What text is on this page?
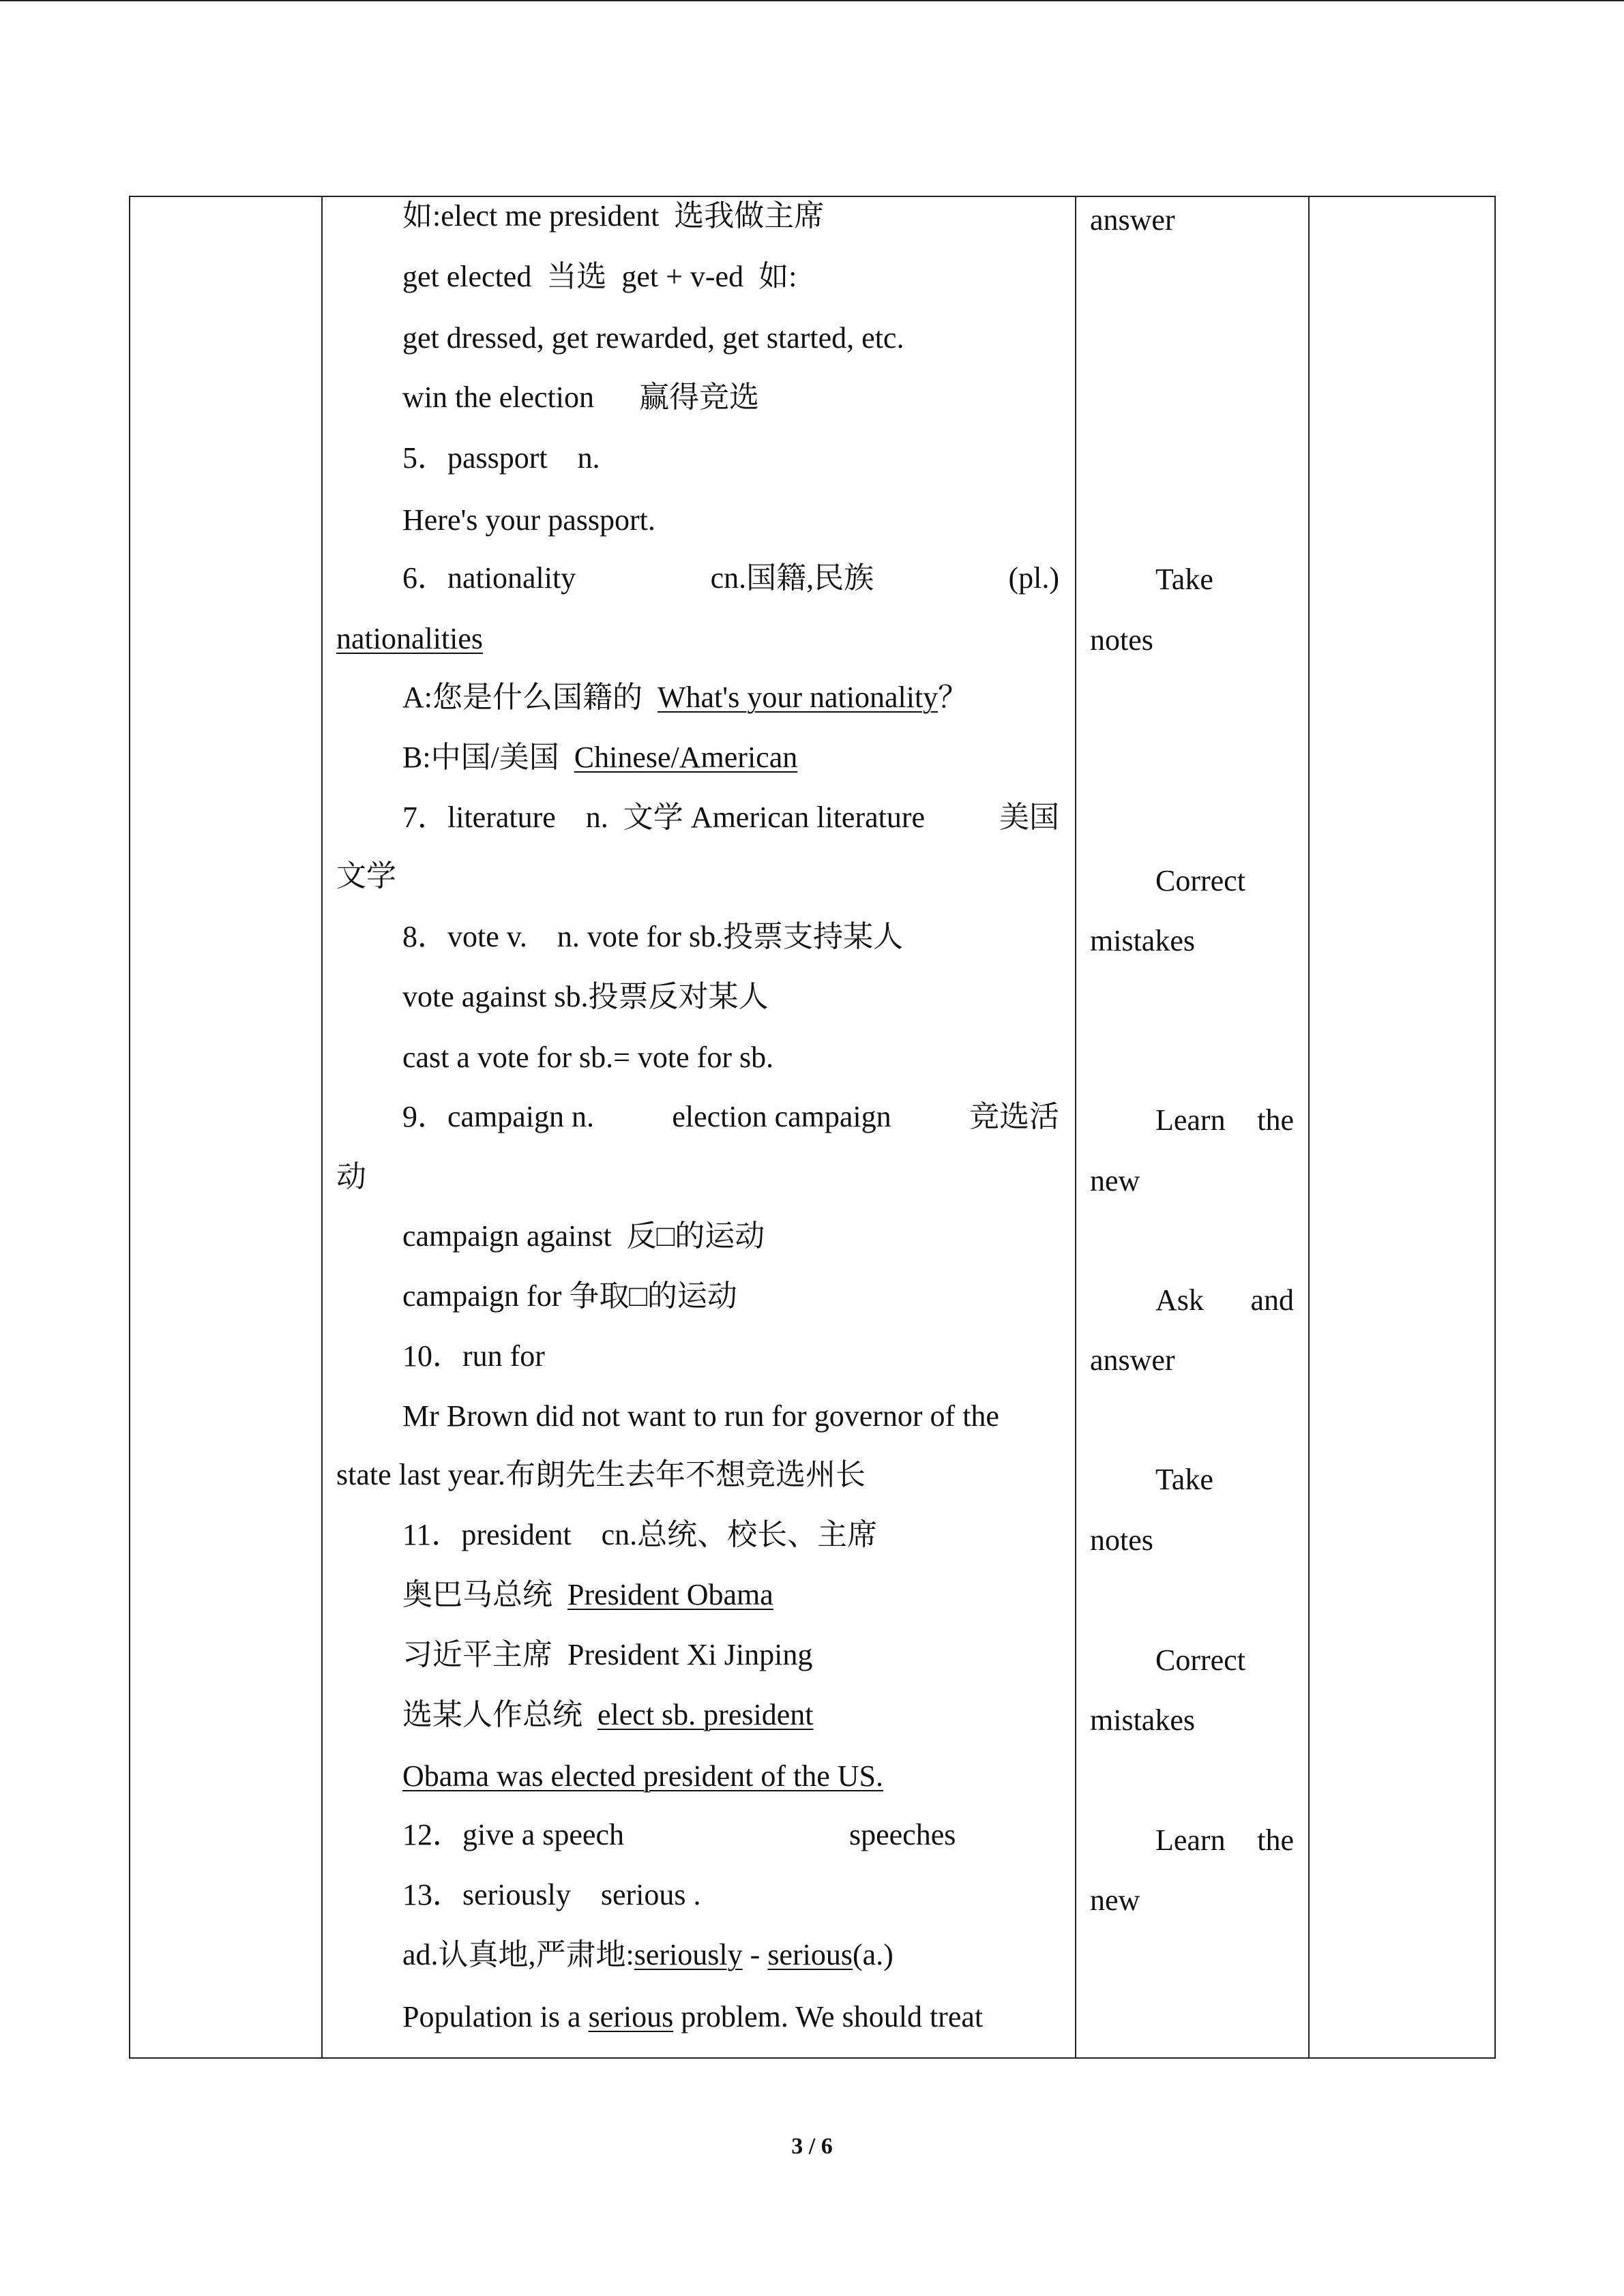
如:elect me president  选我做主席
get elected  当选  get + v-ed  如:
get dressed, get rewarded, get started, etc.
win the election      赢得竞选
5．passport    n.
Here's your passport.
6．nationality	cn.国籍,民族	(pl.)
nationalities
A:您是什么国籍的  What's your nationality？
B:中国/美国  Chinese/American
7．literature    n.  文学 American literature 美国
文学
8．vote v.    n. vote for sb.投票支持某人
vote against sb.投票反对某人
cast a vote for sb.= vote for sb.
9．campaign n.	election campaign	竞选活
动
campaign against  反□的运动
campaign for 争取□的运动
10．run for
Mr Brown did not want to run for governor of the
state last year.布朗先生去年不想竞选州长
11．president    cn.总统、校长、主席
奥巴马总统  President Obama
习近平主席  President Xi Jinping
选某人作总统  elect sb. president
Obama was elected president of the US.
12．give a speech                              speeches
13．seriously    serious .
ad.认真地,严肃地:seriously - serious(a.)
Population is a serious problem. We should treat
answer
Take
notes
Correct
mistakes
Learn the
new
Ask and
answer
Take
notes
Correct
mistakes
Learn the
new
3 / 6
